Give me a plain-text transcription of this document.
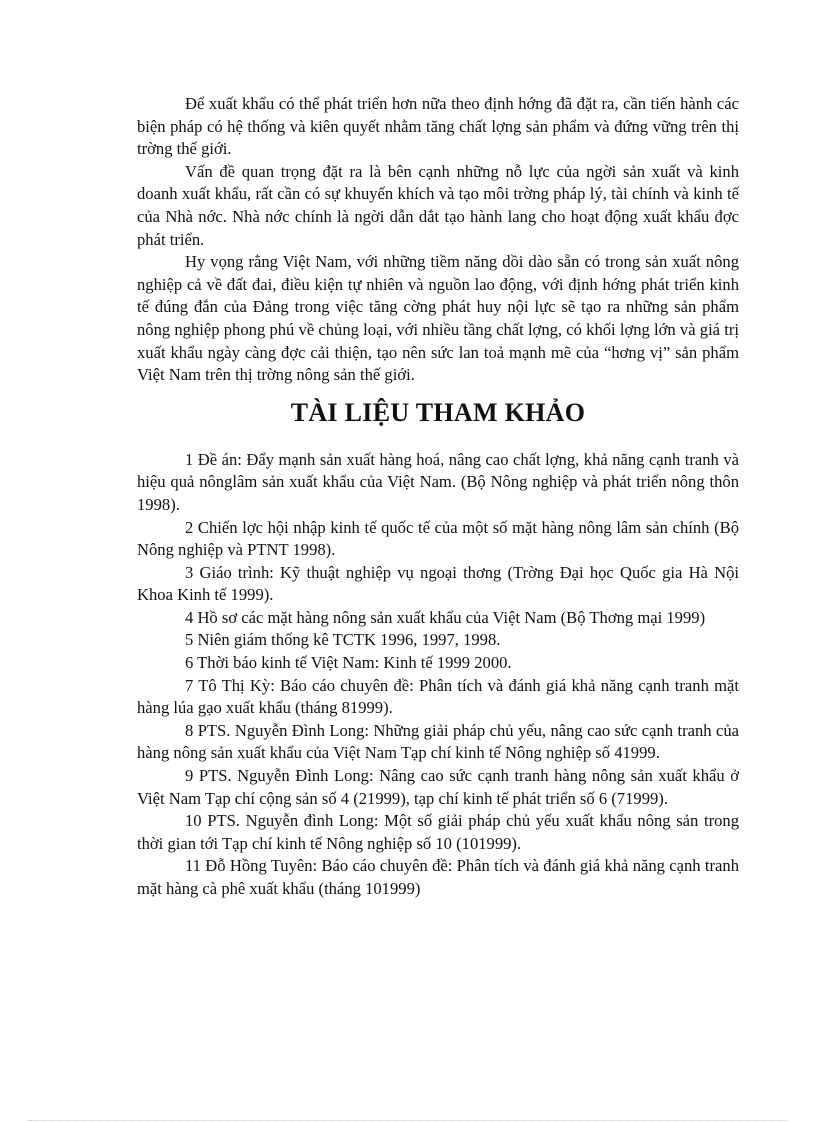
Để xuất khẩu có thể phát triển hơn nữa theo định hớng đã đặt ra, cần tiến hành các biện pháp có hệ thống và kiên quyết nhằm tăng chất lợng sản phẩm và đứng vững trên thị trờng thế giới.

Vấn đề quan trọng đặt ra là bên cạnh những nỗ lực của ngời sản xuất và kinh doanh xuất khẩu, rất cần có sự khuyến khích và tạo môi trờng pháp lý, tài chính và kinh tế của Nhà nớc. Nhà nớc chính là ngời dẫn dắt tạo hành lang cho hoạt động xuất khẩu đợc phát triển.

Hy vọng rằng Việt Nam, với những tiềm năng dồi dào sẵn có trong sản xuất nông nghiệp cả về đất đai, điều kiện tự nhiên và nguồn lao động, với định hớng phát triển kinh tế đúng đắn của Đảng trong việc tăng cờng phát huy nội lực sẽ tạo ra những sản phẩm nông nghiệp phong phú về chủng loại, với nhiều tầng chất lợng, có khối lợng lớn và giá trị xuất khẩu ngày càng đợc cải thiện, tạo nên sức lan toả mạnh mẽ của “hơng vị” sản phẩm Việt Nam trên thị trờng nông sản thế giới.

TÀI LIỆU THAM KHẢO

1 Đề án: Đẩy mạnh sản xuất hàng hoá, nâng cao chất lợng, khả năng cạnh tranh và hiệu quả nônglâm sản xuất khẩu của Việt Nam. (Bộ Nông nghiệp và phát triển nông thôn 1998).

2 Chiến lợc hội nhập kinh tế quốc tế của một số mặt hàng nông lâm sản chính (Bộ Nông nghiệp và PTNT 1998).

3 Giáo trình: Kỹ thuật nghiệp vụ ngoại thơng (Trờng Đại học Quốc gia Hà Nội Khoa Kinh tế 1999).

4 Hồ sơ các mặt hàng nông sản xuất khẩu của Việt Nam (Bộ Thơng mại 1999)

5 Niên giám thống kê TCTK 1996, 1997, 1998.

6 Thời báo kinh tế Việt Nam: Kinh tế 1999 2000.

7 Tô Thị Kỳ: Báo cáo chuyên đề: Phân tích và đánh giá khả năng cạnh tranh mặt hàng lúa gạo xuất khẩu (tháng 81999).

8 PTS. Nguyễn Đình Long: Những giải pháp chủ yếu, nâng cao sức cạnh tranh của hàng nông sản xuất khẩu của Việt Nam Tạp chí kinh tế Nông nghiệp số 41999.

9 PTS. Nguyễn Đình Long: Nâng cao sức cạnh tranh hàng nông sản xuất khẩu ở Việt Nam Tạp chí cộng sản số 4 (21999), tạp chí kinh tế phát triển số 6 (71999).

10 PTS. Nguyễn đình Long: Một số giải pháp chủ yếu xuất khẩu nông sản trong thời gian tới Tạp chí kinh tế Nông nghiệp số 10 (101999).

11 Đỗ Hồng Tuyên: Báo cáo chuyên đề: Phân tích và đánh giá khả năng cạnh tranh mặt hàng cà phê xuất khẩu (tháng 101999)
